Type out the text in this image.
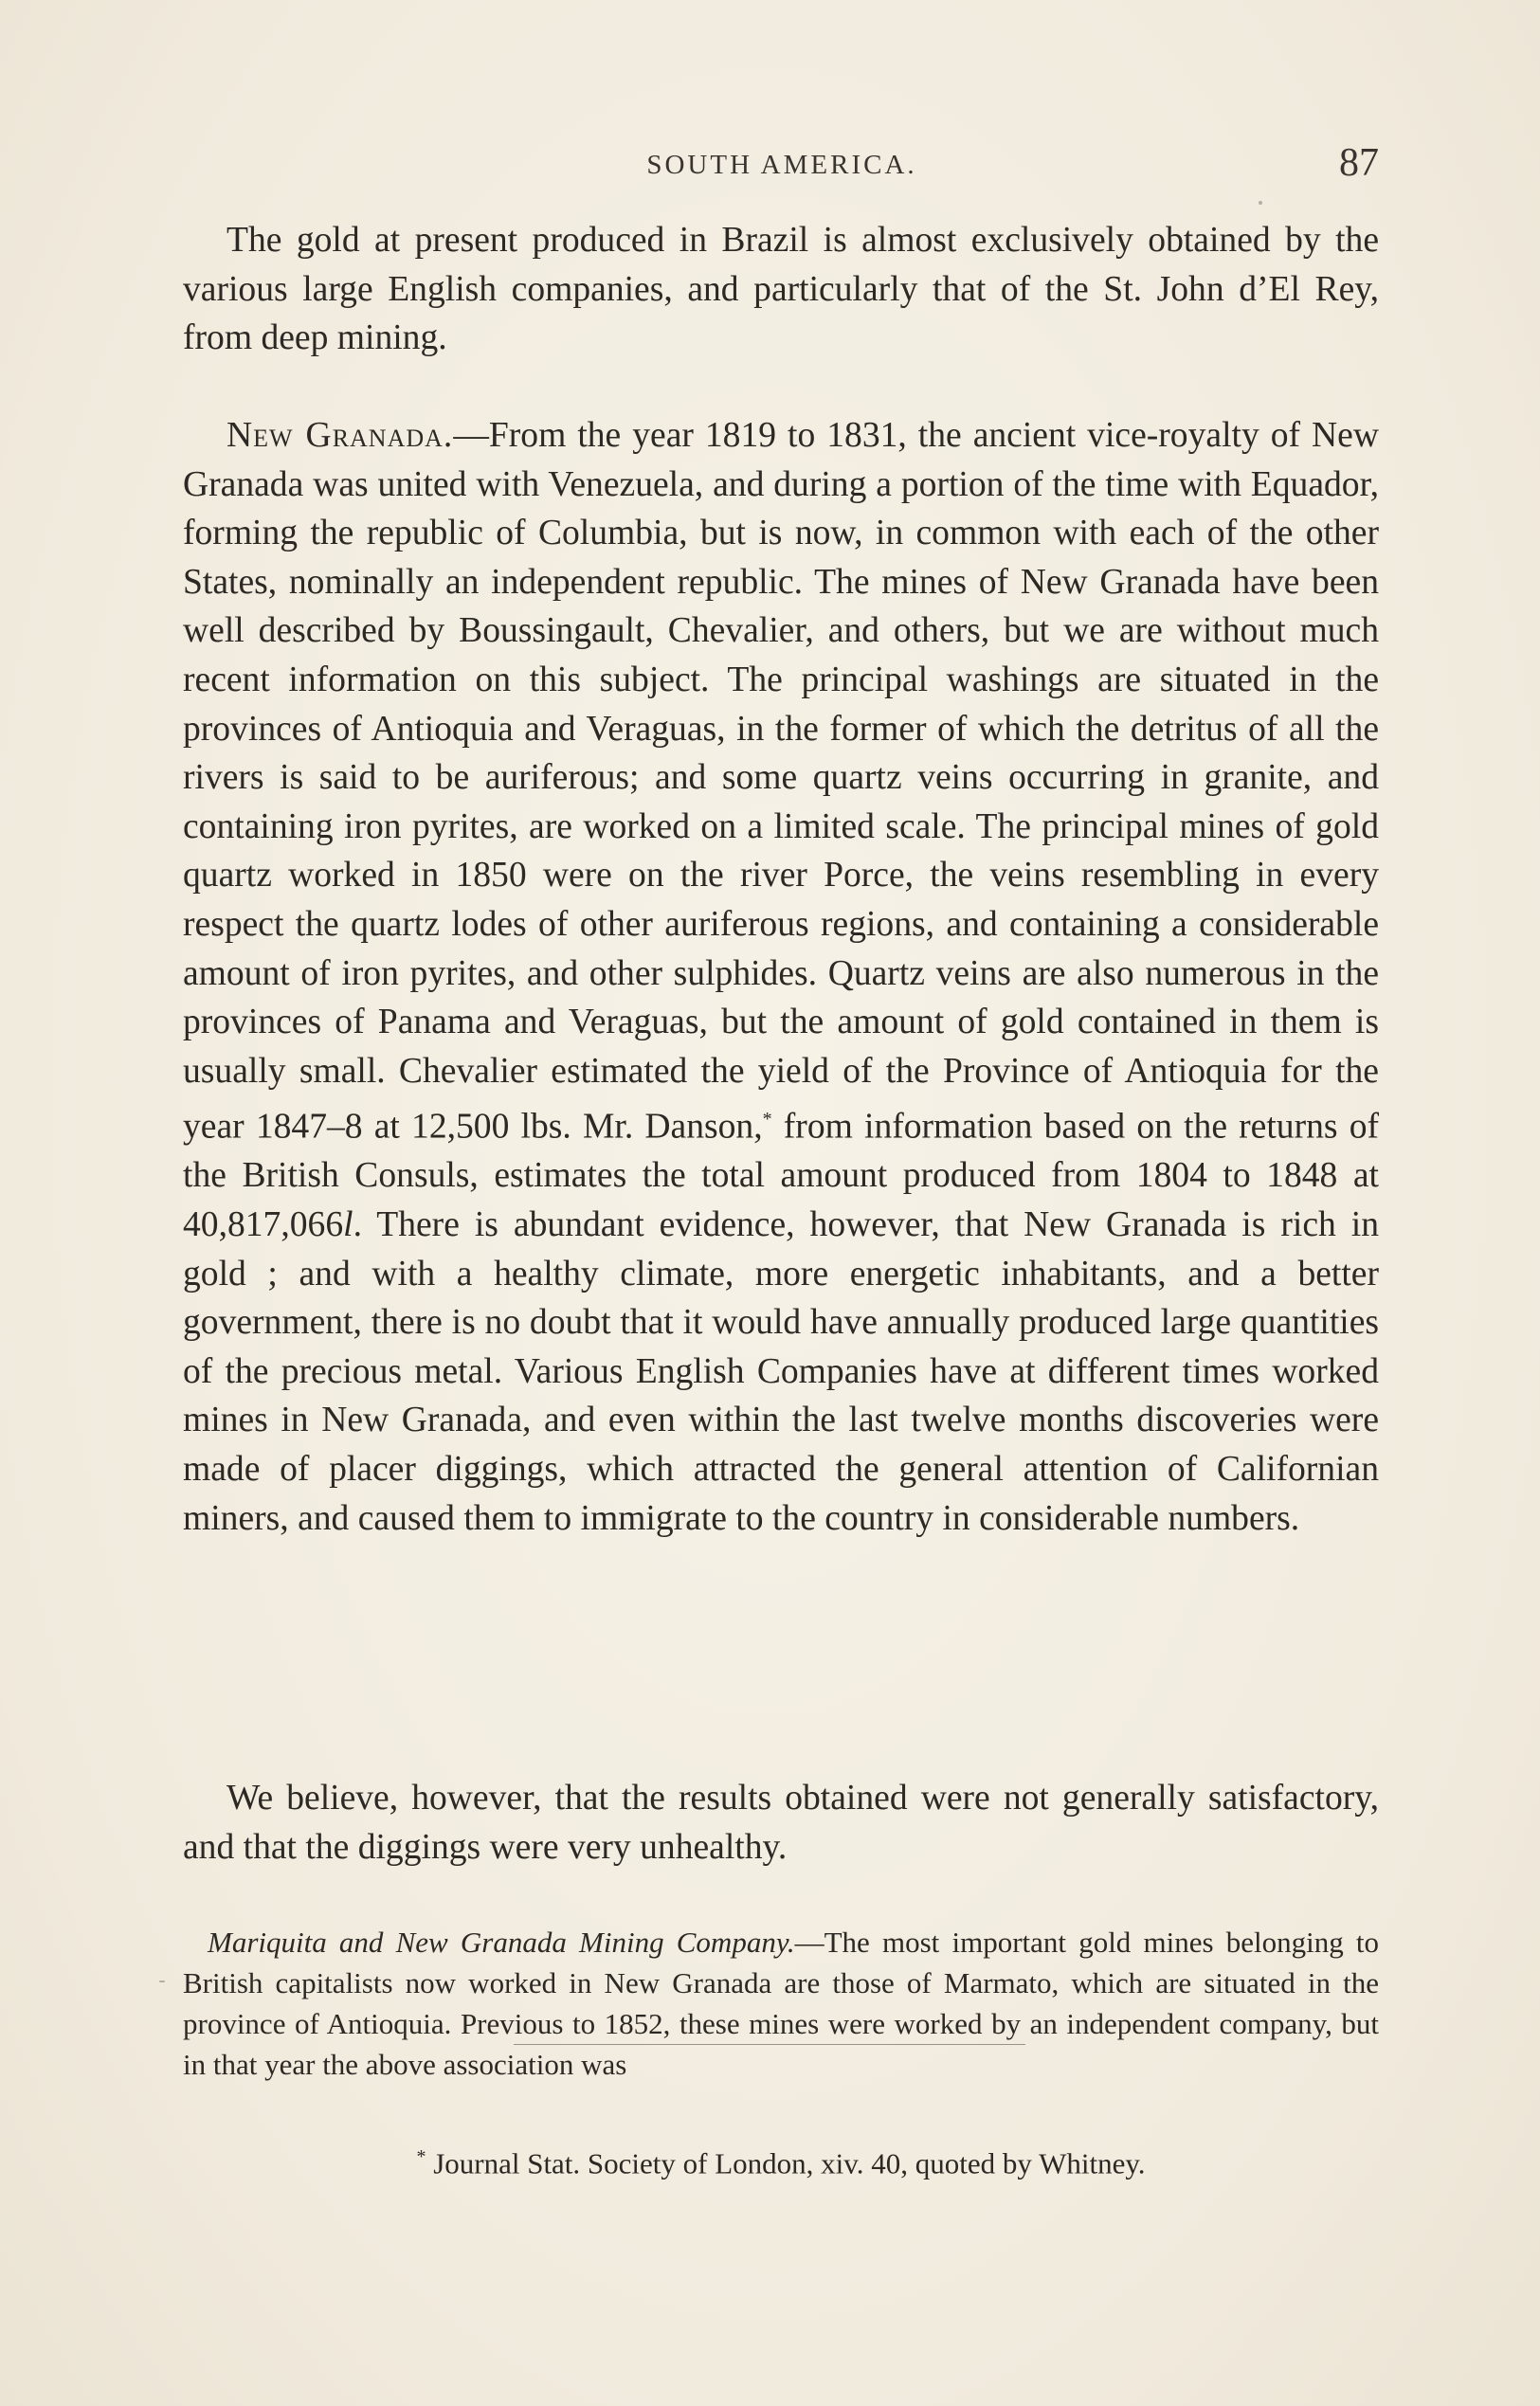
SOUTH AMERICA.	87

The gold at present produced in Brazil is almost exclusively obtained by the various large English companies, and particularly that of the St. John d’El Rey, from deep mining.

New Granada.—From the year 1819 to 1831, the ancient vice-royalty of New Granada was united with Venezuela, and during a portion of the time with Equador, forming the republic of Columbia, but is now, in common with each of the other States, nominally an independent republic. The mines of New Granada have been well described by Boussingault, Chevalier, and others, but we are without much recent information on this subject. The principal washings are situated in the provinces of Antioquia and Veraguas, in the former of which the detritus of all the rivers is said to be auriferous; and some quartz veins occurring in granite, and containing iron pyrites, are worked on a limited scale. The principal mines of gold quartz worked in 1850 were on the river Porce, the veins resembling in every respect the quartz lodes of other auriferous regions, and containing a considerable amount of iron pyrites, and other sulphides. Quartz veins are also numerous in the provinces of Panama and Veraguas, but the amount of gold contained in them is usually small. Chevalier estimated the yield of the Province of Antioquia for the year 1847–8 at 12,500 lbs. Mr. Danson,* from information based on the returns of the British Consuls, estimates the total amount produced from 1804 to 1848 at 40,817,066l. There is abundant evidence, however, that New Granada is rich in gold ; and with a healthy climate, more energetic inhabitants, and a better government, there is no doubt that it would have annually produced large quantities of the precious metal. Various English Companies have at different times worked mines in New Granada, and even within the last twelve months discoveries were made of placer diggings, which attracted the general attention of Californian miners, and caused them to immigrate to the country in considerable numbers.

We believe, however, that the results obtained were not generally satisfactory, and that the diggings were very unhealthy.

Mariquita and New Granada Mining Company.—The most important gold mines belonging to British capitalists now worked in New Granada are those of Marmato, which are situated in the province of Antioquia. Previous to 1852, these mines were worked by an independent company, but in that year the above association was

* Journal Stat. Society of London, xiv. 40, quoted by Whitney.
